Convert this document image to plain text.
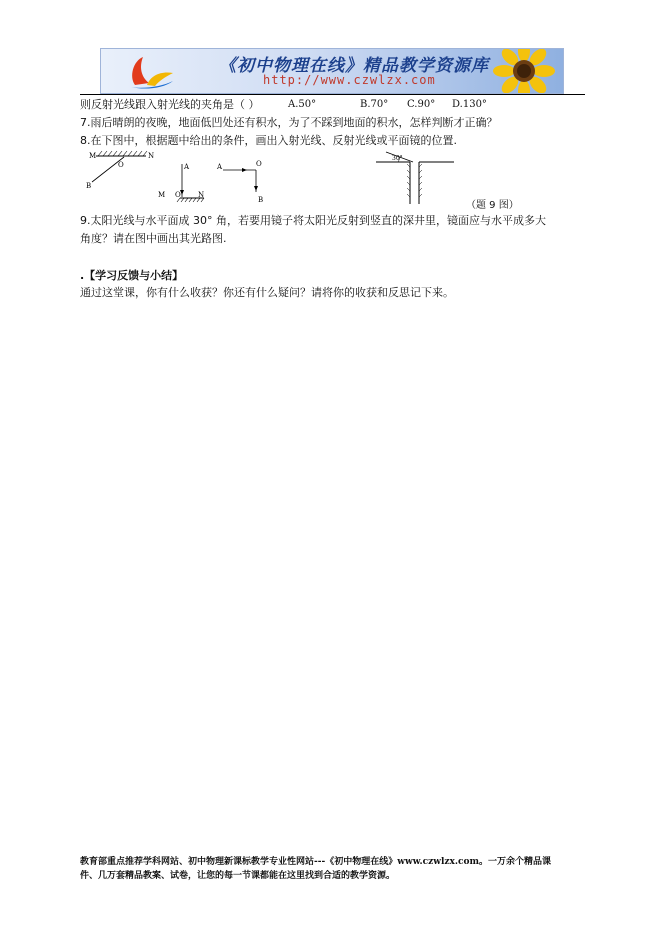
《初中物理在线》精品教学资源库
http://www.czwlzx.com
则反射光线跟入射光线的夹角是（ ）	A.50°	B.70° C.90° D.130°
7.雨后晴朗的夜晚，地面低凹处还有积水，为了不踩到地面的积水，怎样判断才正确？
8.在下图中，根据题中给出的条件，画出入射光线、反射光线或平面镜的位置.
M	N
O
B
A
M O N
A	O
B
30°
（题 9 图）
9.太阳光线与水平面成 30° 角，若要用镜子将太阳光反射到竖直的深井里，镜面应与水平成多大
角度？请在图中画出其光路图.
.【学习反馈与小结】
通过这堂课，你有什么收获？你还有什么疑问？请将你的收获和反思记下来。
教育部重点推荐学科网站、初中物理新课标教学专业性网站---《初中物理在线》www.czwlzx.com。一万余个精品课
件、几万套精品教案、试卷，让您的每一节课都能在这里找到合适的教学资源。
